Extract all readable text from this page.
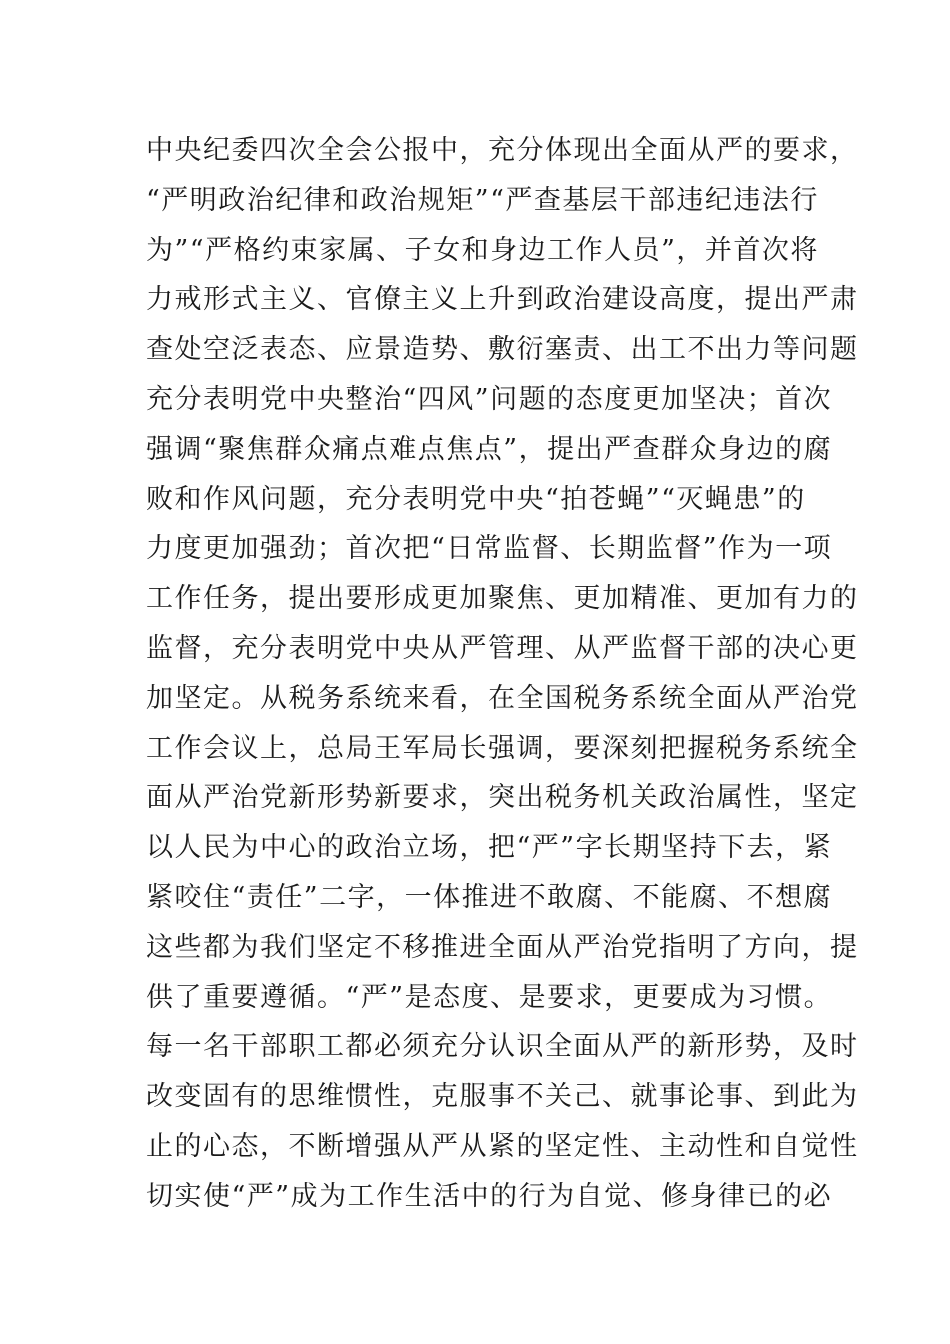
中央纪委四次全会公报中，充分体现出全面从严的要求，
“严明政治纪律和政治规矩”“严查基层干部违纪违法行
为”“严格约束家属、子女和身边工作人员”，并首次将
力戒形式主义、官僚主义上升到政治建设高度，提出严肃
查处空泛表态、应景造势、敷衍塞责、出工不出力等问题
充分表明党中央整治“四风”问题的态度更加坚决；首次
强调“聚焦群众痛点难点焦点”，提出严查群众身边的腐
败和作风问题，充分表明党中央“拍苍蝇”“灭蝇患”的
力度更加强劲；首次把“日常监督、长期监督”作为一项
工作任务，提出要形成更加聚焦、更加精准、更加有力的
监督，充分表明党中央从严管理、从严监督干部的决心更
加坚定。从税务系统来看，在全国税务系统全面从严治党
工作会议上，总局王军局长强调，要深刻把握税务系统全
面从严治党新形势新要求，突出税务机关政治属性，坚定
以人民为中心的政治立场，把“严”字长期坚持下去，紧
紧咬住“责任”二字，一体推进不敢腐、不能腐、不想腐
这些都为我们坚定不移推进全面从严治党指明了方向，提
供了重要遵循。“严”是态度、是要求，更要成为习惯。
每一名干部职工都必须充分认识全面从严的新形势，及时
改变固有的思维惯性，克服事不关己、就事论事、到此为
止的心态，不断增强从严从紧的坚定性、主动性和自觉性
切实使“严”成为工作生活中的行为自觉、修身律已的必
